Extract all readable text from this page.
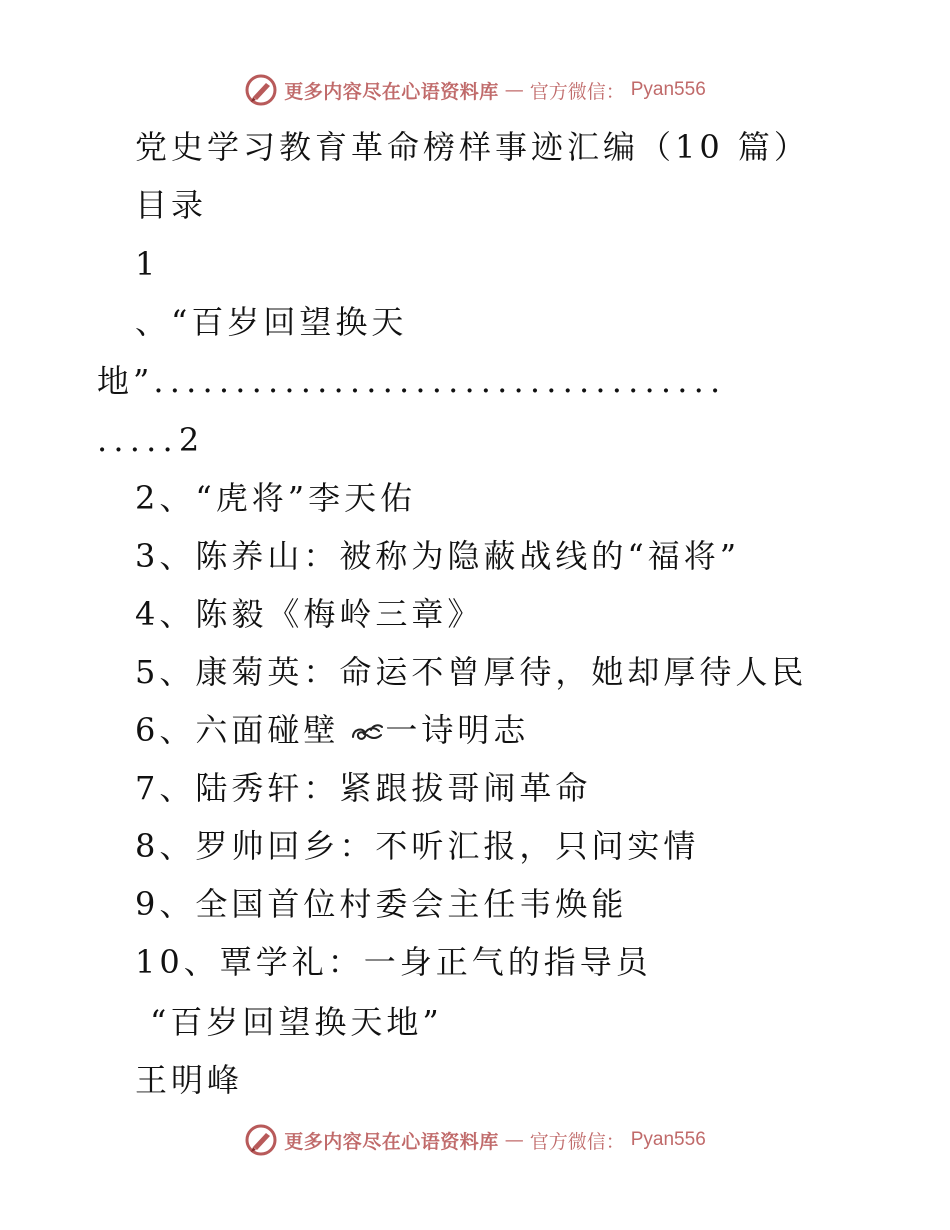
更多内容尽在心语资料库 — 官方微信： Pyan556
党史学习教育革命榜样事迹汇编（10 篇）
目录
1
、“百岁回望换天
地”...................................
.....2
2、“虎将”李天佑
3、陈养山：被称为隐蔽战线的“福将”
4、陈毅《梅岭三章》
5、康菊英：命运不曾厚待，她却厚待人民
6、六面碰壁 一诗明志
7、陆秀轩：紧跟拔哥闹革命
8、罗帅回乡：不听汇报，只问实情
9、全国首位村委会主任韦焕能
10、覃学礼：一身正气的指导员
“百岁回望换天地”
王明峰
更多内容尽在心语资料库 — 官方微信： Pyan556
